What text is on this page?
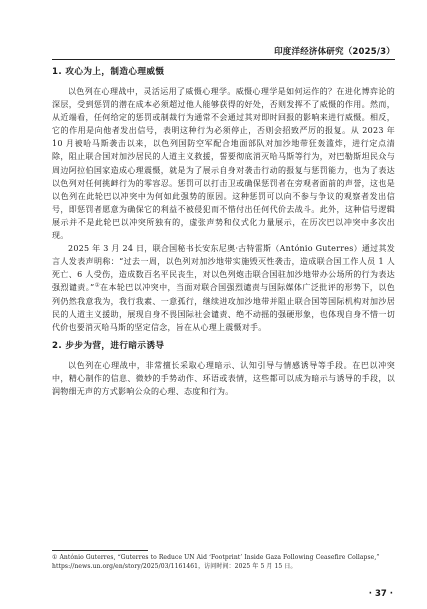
印度洋经济体研究（2025/3）
1. 攻心为上，制造心理威慑

以色列在心理战中，灵活运用了威慑心理学。威慑心理学是如何运作的？在进化博弈论的深层，受到惩罚的潜在成本必须超过他人能够获得的好处，否则发挥不了威慑的作用。然而，从近端看，任何给定的惩罚或制裁行为通常不会通过其对即时回报的影响来进行威慑。相反，它的作用是向他者发出信号，表明这种行为必须停止，否则会招致严厉的报复。从 2023 年 10 月被哈马斯袭击以来，以色列国防空军配合地面部队对加沙地带狂轰滥炸，进行定点清除，阻止联合国对加沙居民的人道主义救援，誓要彻底消灭哈马斯等行为，对巴勒斯坦民众与周边阿拉伯国家造成心理震慑，就是为了展示自身对袭击行动的报复与惩罚能力，也为了表达以色列对任何挑衅行为的零容忍。惩罚可以打击卫或确保惩罚者在旁观者面前的声誉，这也是以色列在此轮巴以冲突中为何如此强势的原因。这种惩罚可以向不参与争议的观察者发出信号，即惩罚者愿意为确保它的利益不被侵犯而不惜付出任何代价去战斗。此外，这种信号逻辑展示并不是此轮巴以冲突所独有的，虚张声势和仪式化力量展示，在历次巴以冲突中多次出现。

2025 年 3 月 24 日，联合国秘书长安东尼奥·古特雷斯（António Guterres）通过其发言人发表声明称：“过去一周，以色列对加沙地带实施毁灭性袭击，造成联合国工作人员 1 人死亡、6 人受伤，造成数百名平民丧生，对以色列炮击联合国驻加沙地带办公场所的行为表达强烈谴责。”①在本轮巴以冲突中，当面对联合国强烈谴责与国际媒体广泛批评的形势下，以色列仍然我意我为，我行我素、一意孤行，继续进攻加沙地带并阻止联合国等国际机构对加沙居民的人道主义援助，展现自身不畏国际社会谴责、绝不动摇的强硬形象，也体现自身不惜一切代价也要消灭哈马斯的坚定信念，旨在从心理上震慑对手。

2. 步步为营，进行暗示诱导

以色列在心理战中，非常擅长采取心理暗示、认知引导与情感诱导等手段。在巴以冲突中，精心制作的信息、微妙的手势动作、环语或表情，这些都可以成为暗示与诱导的手段，以润物细无声的方式影响公众的心理、态度和行为。

① António Guterres, “Guterres to Reduce UN Aid ‘Footprint’ Inside Gaza Following Ceasefire Collapse,” https://news.un.org/en/story/2025/03/1161461，访问时间：2025 年 5 月 15 日。
· 37 ·
